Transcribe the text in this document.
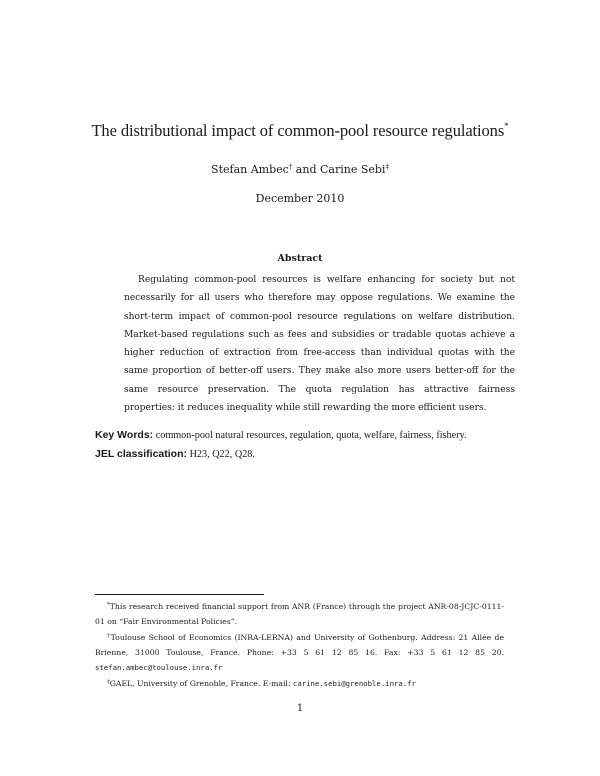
The distributional impact of common-pool resource regulations*
Stefan Ambec† and Carine Sebi‡
December 2010
Abstract
Regulating common-pool resources is welfare enhancing for society but not necessarily for all users who therefore may oppose regulations. We examine the short-term impact of common-pool resource regulations on welfare distribution. Market-based regulations such as fees and subsidies or tradable quotas achieve a higher reduction of extraction from free-access than individual quotas with the same proportion of better-off users. They make also more users better-off for the same resource preservation. The quota regulation has attractive fairness properties: it reduces inequality while still rewarding the more efficient users.
Key Words: common-pool natural resources, regulation, quota, welfare, fairness, fishery.
JEL classification: H23, Q22, Q28.

*This research received financial support from ANR (France) through the project ANR-08-JCJC-0111-01 on “Fair Environmental Policies”.

†Toulouse School of Economics (INRA-LERNA) and University of Gothenburg. Address: 21 Allée de Brienne, 31000 Toulouse, France. Phone: +33 5 61 12 85 16. Fax: +33 5 61 12 85 20. stefan.ambec@toulouse.inra.fr

‡GAEL, University of Grenoble, France. E-mail: carine.sebi@grenoble.inra.fr

1
